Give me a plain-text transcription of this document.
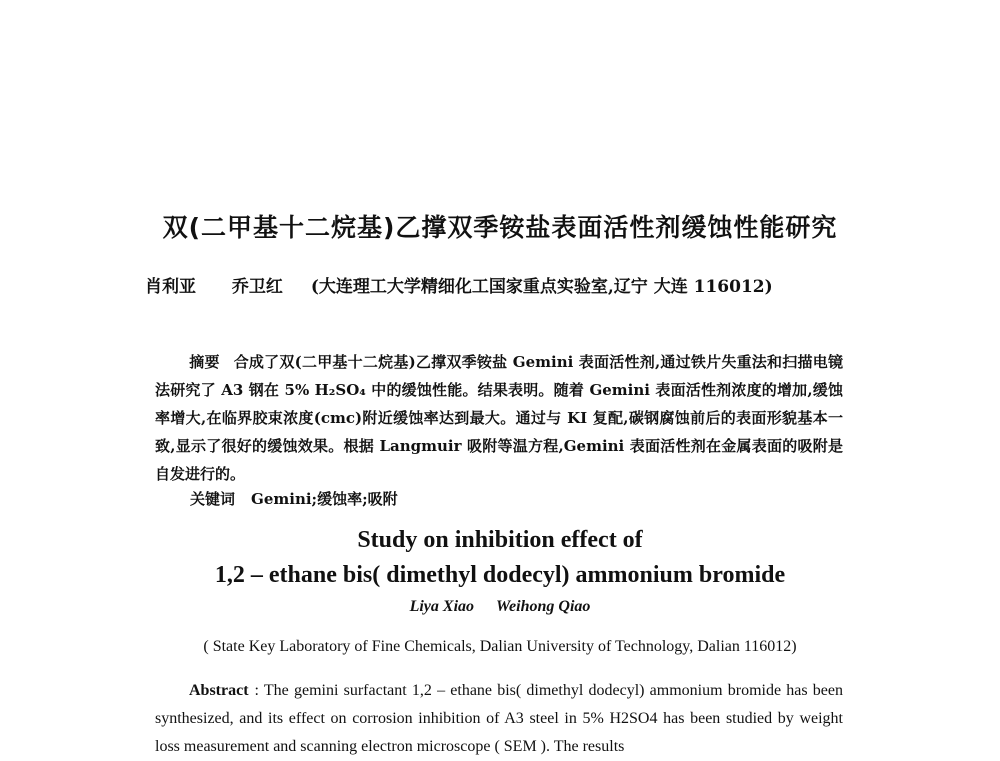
双(二甲基十二烷基)乙撑双季铵盐表面活性剂缓蚀性能研究
肖利亚 乔卫红 (大连理工大学精细化工国家重点实验室,辽宁 大连 116012)
摘要 合成了双(二甲基十二烷基)乙撑双季铵盐 Gemini 表面活性剂,通过铁片失重法和扫描电镜法研究了 A3 钢在 5% H₂SO₄ 中的缓蚀性能。结果表明。随着 Gemini 表面活性剂浓度的增加,缓蚀率增大,在临界胶束浓度(cmc)附近缓蚀率达到最大。通过与 KI 复配,碳钢腐蚀前后的表面形貌基本一致,显示了很好的缓蚀效果。根据 Langmuir 吸附等温方程,Gemini 表面活性剂在金属表面的吸附是自发进行的。
关键词 Gemini;缓蚀率;吸附
Study on inhibition effect of
1,2 – ethane bis( dimethyl dodecyl) ammonium bromide
Liya Xiao Weihong Qiao
( State Key Laboratory of Fine Chemicals, Dalian University of Technology, Dalian 116012)
Abstract : The gemini surfactant 1,2 – ethane bis( dimethyl dodecyl) ammonium bromide has been synthesized, and its effect on corrosion inhibition of A3 steel in 5% H2SO4 has been studied by weight loss measurement and scanning electron microscope ( SEM ). The results
